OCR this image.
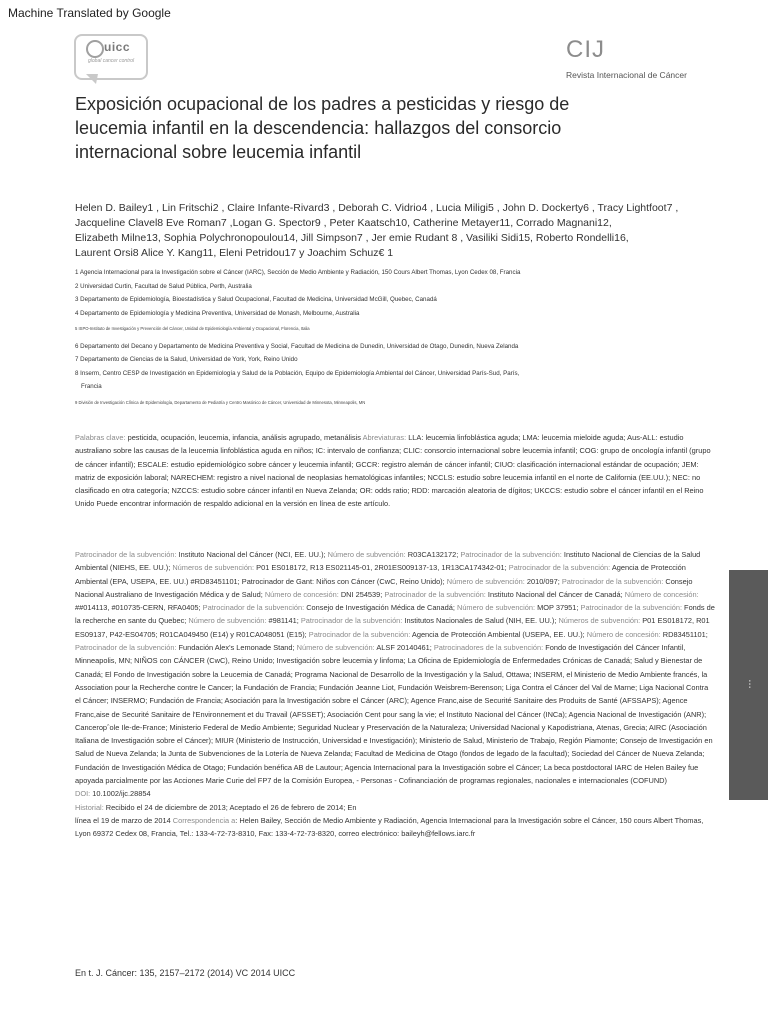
Machine Translated by Google
uicc
global cancer control	CIJ
Revista Internacional de Cáncer
Exposición ocupacional de los padres a pesticidas y riesgo de leucemia infantil en la descendencia: hallazgos del consorcio internacional sobre leucemia infantil
Helen D. Bailey1 , Lin Fritschi2 , Claire Infante-Rivard3 , Deborah C. Vidrio4 , Lucia Miligi5 , John D. Dockerty6 , Tracy Lightfoot7 ,
Jacqueline Clavel8 Eve Roman7 ,Logan G. Spector9 , Peter Kaatsch10, Catherine Metayer11, Corrado Magnani12,
Elizabeth Milne13, Sophia Polychronopoulou14, Jill Simpson7 , Jer emie Rudant 8 , Vasiliki Sidi15, Roberto Rondelli16,
Laurent Orsi8 Alice Y. Kang11, Eleni Petridou17 y Joachim Schuz€ 1
1 Agencia Internacional para la Investigación sobre el Cáncer (IARC), Sección de Medio Ambiente y Radiación, 150 Cours Albert Thomas, Lyon Cedex 08, Francia
2 Universidad Curtin, Facultad de Salud Pública, Perth, Australia
3 Departamento de Epidemiología, Bioestadística y Salud Ocupacional, Facultad de Medicina, Universidad McGill, Quebec, Canadá
4 Departamento de Epidemiología y Medicina Preventiva, Universidad de Monash, Melbourne, Australia
5 ISPO-Instituto de Investigación y Prevención del Cáncer, Unidad de Epidemiología Ambiental y Ocupacional, Florencia, Italia
6 Departamento del Decano y Departamento de Medicina Preventiva y Social, Facultad de Medicina de Dunedin, Universidad de Otago, Dunedin, Nueva Zelanda
7 Departamento de Ciencias de la Salud, Universidad de York, York, Reino Unido
8 Inserm, Centro CESP de Investigación en Epidemiología y Salud de la Población, Equipo de Epidemiología Ambiental del Cáncer, Universidad París-Sud, París,
Francia
9 División de Investigación Clínica de Epidemiología, Departamento de Pediatría y Centro Masónico de Cáncer, Universidad de Minnesota, Minneapolis, MN
Palabras clave: pesticida, ocupación, leucemia, infancia, análisis agrupado, metanálisis Abreviaturas: LLA: leucemia linfoblástica aguda; LMA: leucemia mieloide aguda; Aus-ALL: estudio australiano sobre las causas de la leucemia linfoblástica aguda en niños; IC: intervalo de confianza; CLIC: consorcio internacional sobre leucemia infantil; COG: grupo de oncología infantil (grupo de cáncer infantil); ESCALE: estudio epidemiológico sobre cáncer y leucemia infantil; GCCR: registro alemán de cáncer infantil; CIUO: clasificación internacional estándar de ocupación; JEM: matriz de exposición laboral; NARECHEM: registro a nivel nacional de neoplasias hematológicas infantiles; NCCLS: estudio sobre leucemia infantil en el norte de California (EE.UU.); NEC: no clasificado en otra categoría; NZCCS: estudio sobre cáncer infantil en Nueva Zelanda; OR: odds ratio; RDD: marcación aleatoria de dígitos; UKCCS: estudio sobre el cáncer infantil en el Reino Unido Puede encontrar información de respaldo adicional en la versión en línea de este artículo.
Patrocinador de la subvención: Instituto Nacional del Cáncer (NCI, EE. UU.); Número de subvención: R03CA132172; Patrocinador de la subvención: Instituto Nacional de Ciencias de la Salud Ambiental (NIEHS, EE. UU.); Números de subvención: P01 ES018172, R13 ES021145-01, 2R01ES009137-13, 1R13CA174342-01; Patrocinador de la subvención: Agencia de Protección Ambiental (EPA, USEPA, EE. UU.) #RD83451101; Patrocinador de Gant: Niños con Cáncer (CwC, Reino Unido); Número de subvención: 2010/097; Patrocinador de la subvención: Consejo Nacional Australiano de Investigación Médica y de Salud; Número de concesión: DNI 254539; Patrocinador de la subvención: Instituto Nacional del Cáncer de Canadá; Número de concesión: ##014113, #010735-CERN, RFA0405; Patrocinador de la subvención: Consejo de Investigación Médica de Canadá; Número de subvención: MOP 37951; Patrocinador de la subvención: Fonds de la recherche en sante du Quebec; Número de subvención: #981141; Patrocinador de la subvención: Institutos Nacionales de Salud (NIH, EE. UU.); Números de subvención: P01 ES018172, R01 ES09137, P42-ES04705; R01CA049450 (E14) y R01CA048051 (E15); Patrocinador de la subvención: Agencia de Protección Ambiental (USEPA, EE. UU.); Número de concesión: RD83451101; Patrocinador de la subvención: Fundación Alex's Lemonade Stand; Número de subvención: ALSF 20140461; Patrocinadores de la subvención: Fondo de Investigación del Cáncer Infantil, Minneapolis, MN; NIÑOS con CÁNCER (CwC), Reino Unido; Investigación sobre leucemia y linfoma; La Oficina de Epidemiología de Enfermedades Crónicas de Canadá; Salud y Bienestar de Canadá; El Fondo de Investigación sobre la Leucemia de Canadá; Programa Nacional de Desarrollo de la Investigación y la Salud, Ottawa; INSERM, el Ministerio de Medio Ambiente francés, la Association pour la Recherche contre le Cancer; la Fundación de Francia; Fundación Jeanne Liot, Fundación Weisbrem-Berenson; Liga Contra el Cáncer del Val de Marne; Liga Nacional Contra el Cáncer; INSERMO; Fundación de Francia; Asociación para la Investigación sobre el Cáncer (ARC); Agence Franc,aise de Securité Sanitaire des Produits de Santé (AFSSAPS); Agence Franc,aise de Securité Sanitaire de l'Environnement et du Travail (AFSSET); Asociación Cent pour sang la vie; el Instituto Nacional del Cáncer (INCa); Agencia Nacional de Investigación (ANR); Canceropˆole Ile-de-France; Ministerio Federal de Medio Ambiente; Seguridad Nuclear y Preservación de la Naturaleza; Universidad Nacional y Kapodistriana, Atenas, Grecia; AIRC (Asociación Italiana de Investigación sobre el Cáncer); MIUR (Ministerio de Instrucción, Universidad e Investigación); Ministerio de Salud, Ministerio de Trabajo, Región Piamonte; Consejo de Investigación en Salud de Nueva Zelanda; la Junta de Subvenciones de la Lotería de Nueva Zelanda; Facultad de Medicina de Otago (fondos de legado de la facultad); Sociedad del Cáncer de Nueva Zelanda; Fundación de Investigación Médica de Otago; Fundación benéfica AB de Lautour; Agencia Internacional para la Investigación sobre el Cáncer; La beca postdoctoral IARC de Helen Bailey fue apoyada parcialmente por las Acciones Marie Curie del FP7 de la Comisión Europea, - Personas - Cofinanciación de programas regionales, nacionales e internacionales (COFUND)
DOI: 10.1002/ijc.28854
Historial: Recibido el 24 de diciembre de 2013; Aceptado el 26 de febrero de 2014; En
línea el 19 de marzo de 2014 Correspondencia a: Helen Bailey, Sección de Medio Ambiente y Radiación, Agencia Internacional para la Investigación sobre el Cáncer, 150 cours Albert Thomas, Lyon 69372 Cedex 08, Francia, Tel.: 133-4-72-73-8310, Fax: 133-4-72-73-8320, correo electrónico: baileyh@fellows.iarc.fr
En t. J. Cáncer: 135, 2157–2172 (2014) VC 2014 UICC
• • •
